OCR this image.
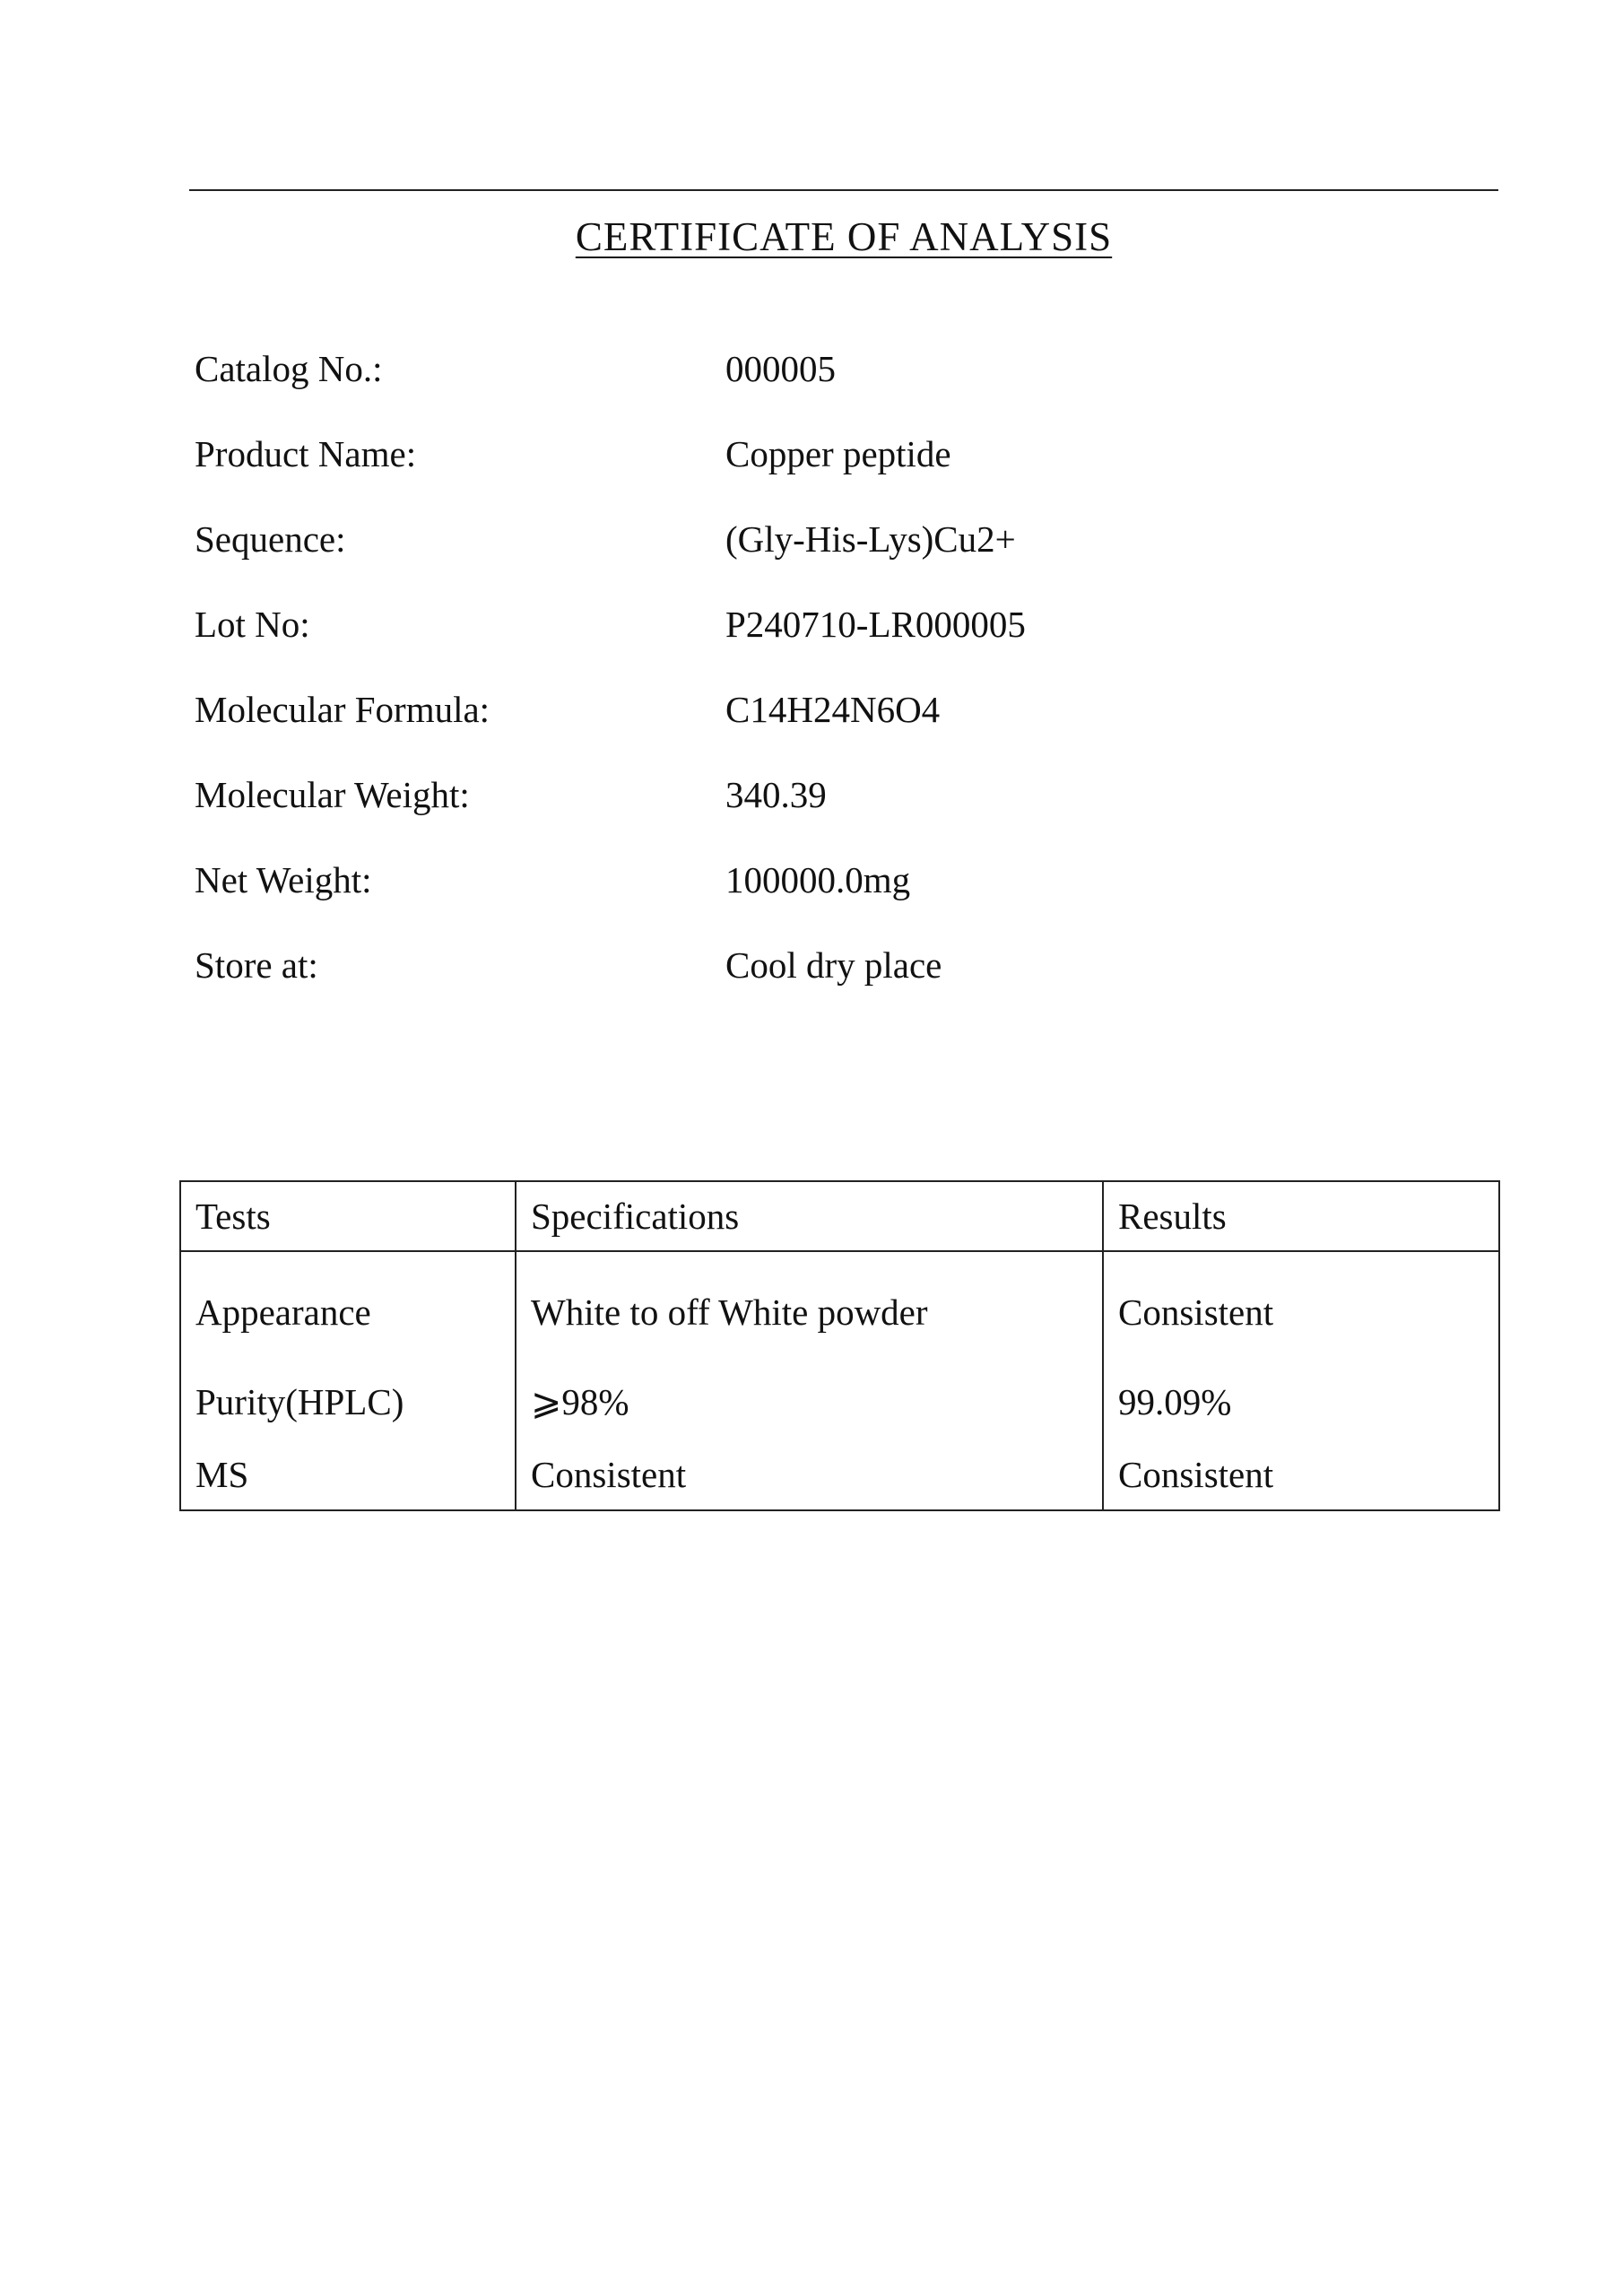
CERTIFICATE OF ANALYSIS
Catalog No.:	000005
Product Name:	Copper peptide
Sequence:	(Gly-His-Lys)Cu2+
Lot No:	P240710-LR000005
Molecular Formula:	C14H24N6O4
Molecular Weight:	340.39
Net Weight:	100000.0mg
Store at:	Cool dry place
Tests	Specifications	Results
Appearance	White to off White powder	Consistent
Purity(HPLC)	⩾98%	99.09%
MS	Consistent	Consistent
